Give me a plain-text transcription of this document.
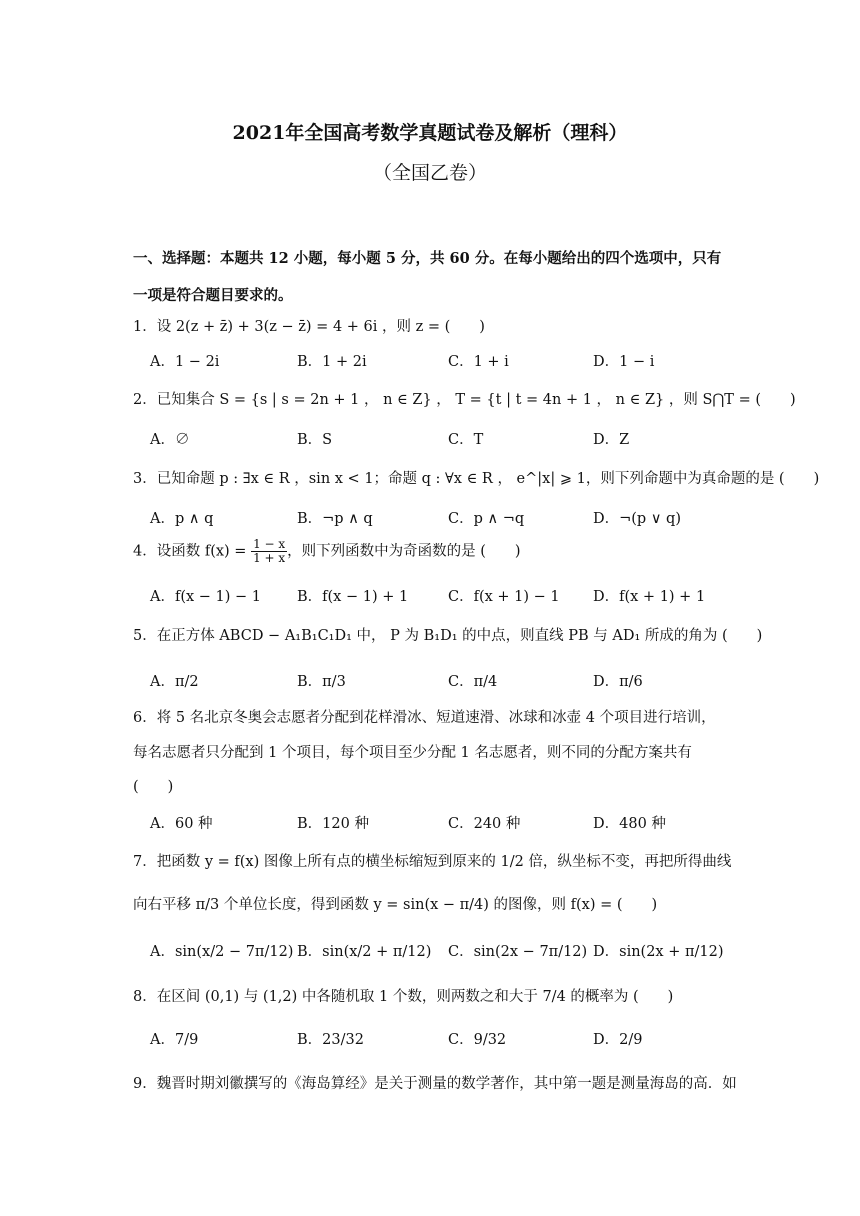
2021年全国高考数学真题试卷及解析（理科）
（全国乙卷）
一、选择题：本题共 12 小题，每小题 5 分，共 60 分。在每小题给出的四个选项中，只有
一项是符合题目要求的。
1．设 2(z + z̄) + 3(z − z̄) = 4 + 6i ，则 z = (　　)
A．1 − 2i	B．1 + 2i	C．1 + i	D．1 − i
2．已知集合 S = {s | s = 2n + 1 ， n ∈ Z} ， T = {t | t = 4n + 1 ， n ∈ Z} ，则 S⋂T = (　　)
A．∅	B．S	C．T	D．Z
3．已知命题 p : ∃x ∈ R ，sin x < 1；命题 q : ∀x ∈ R ， e^|x| ⩾ 1，则下列命题中为真命题的是 (　　)
A．p ∧ q	B．¬p ∧ q	C．p ∧ ¬q	D．¬(p ∨ q)
4．设函数 $f(x) = \frac{1 - x}{1 + x}$ ，则下列函数中为奇函数的是 (　　)
A．f(x − 1) − 1 B．f(x − 1) + 1	C．f(x + 1) − 1 D．f(x + 1) + 1
5．在正方体 ABCD − A₁B₁C₁D₁ 中， P 为 B₁D₁ 的中点，则直线 PB 与 AD₁ 所成的角为 (　　)
A．π/2	B．π/3	C．π/4	D．π/6
6．将 5 名北京冬奥会志愿者分配到花样滑冰、短道速滑、冰球和冰壶 4 个项目进行培训，
每名志愿者只分配到 1 个项目，每个项目至少分配 1 名志愿者，则不同的分配方案共有
(　　)
A．60 种	B．120 种	C．240 种	D．480 种
7．把函数 y = f(x) 图像上所有点的横坐标缩短到原来的 1/2 倍，纵坐标不变，再把所得曲线
向右平移 π/3 个单位长度，得到函数 y = sin(x − π/4) 的图像，则 f(x) = (　　)
A．sin(x/2 − 7π/12) B．sin(x/2 + π/12) C．sin(2x − 7π/12) D．sin(2x + π/12)
8．在区间 (0,1) 与 (1,2) 中各随机取 1 个数，则两数之和大于 7/4 的概率为 (　　)
A．7/9	B．23/32	C．9/32	D．2/9
9．魏晋时期刘徽撰写的《海岛算经》是关于测量的数学著作，其中第一题是测量海岛的高．如
